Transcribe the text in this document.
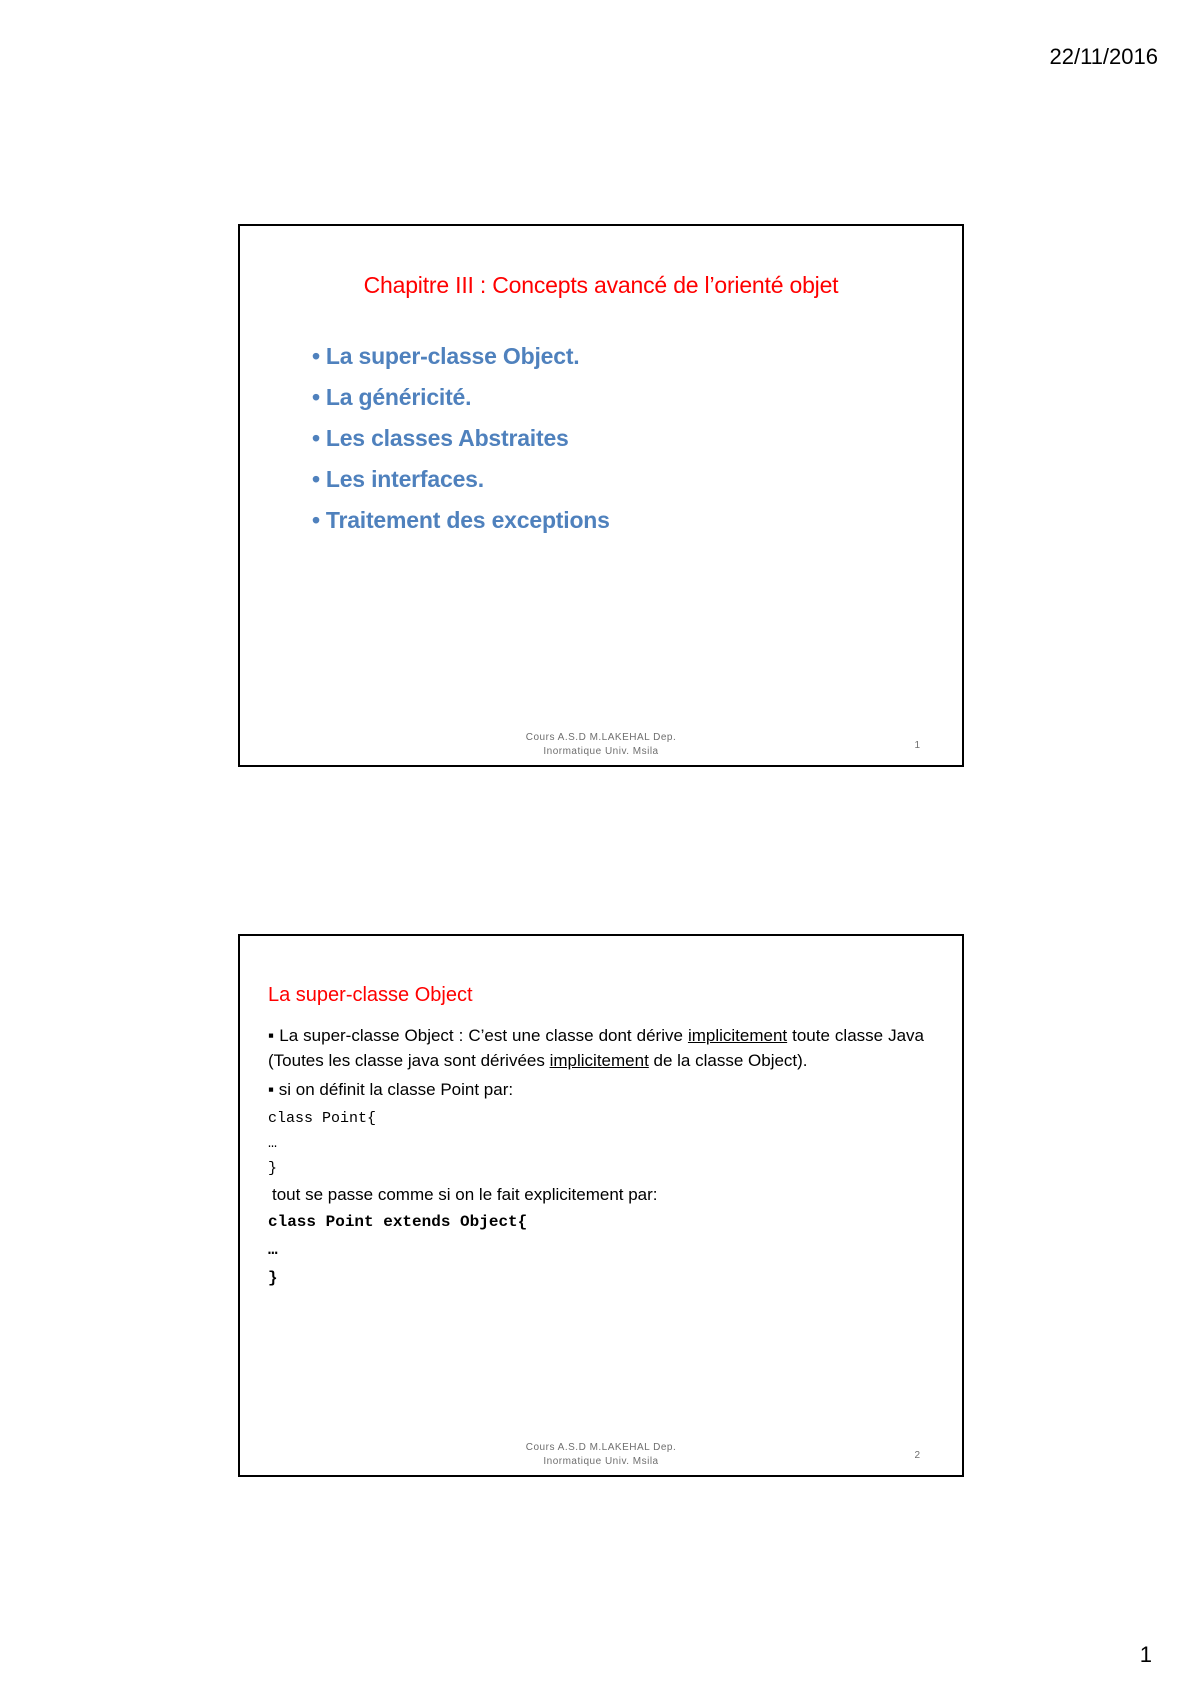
22/11/2016
Chapitre III : Concepts avancé de l’orienté objet
• La super-classe Object.
• La généricité.
• Les classes Abstraites
• Les interfaces.
• Traitement des exceptions
Cours A.S.D M.LAKEHAL Dep.
Inormatique Univ. Msila
1
La super-classe Object

▪ La super-classe Object : C’est une classe dont dérive implicitement toute classe Java (Toutes les classe java sont dérivées implicitement de la classe Object).

▪ si on définit la classe Point par:

class Point{

…

}

tout se passe comme si on le fait explicitement par:

class Point extends Object{

…

}

Cours A.S.D M.LAKEHAL Dep.
Inormatique Univ. Msila
2
1
